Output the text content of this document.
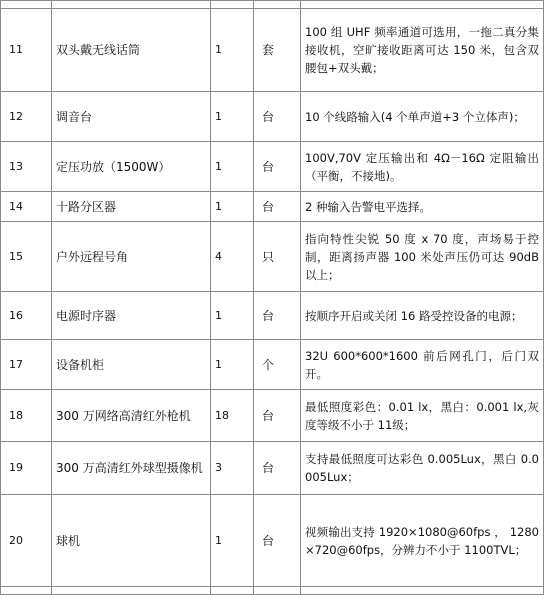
11	双头戴无线话筒	1	套	100 组 UHF 频率通道可选用，一拖二真分集接收机，空旷接收距离可达 150 米，包含双腰包+双头戴；
12	调音台	1	台	10 个线路输入(4 个单声道+3 个立体声)；
13	定压功放（1500W）	1	台	100V,70V 定压输出和 4Ω－16Ω 定阻输出（平衡，不接地)。
14	十路分区器	1	台	2 种输入告警电平选择。
15	户外远程号角	4	只	指向特性尖锐 50 度 x 70 度，声场易于控制，距离扬声器 100 米处声压仍可达 90dB 以上；
16	电源时序器	1	台	按顺序开启或关闭 16 路受控设备的电源；
17	设备机柜	1	个	32U 600*600*1600 前后网孔门，后门双开。
18	300 万网络高清红外枪机	18	台	最低照度彩色：0.01 lx，黑白：0.001 lx,灰度等级不小于 11级；
19	300 万高清红外球型摄像机	3	台	支持最低照度可达彩色 0.005Lux，黑白 0.0005Lux；
20	球机	1	台	视频输出支持 1920×1080@60fps ， 1280×720@60fps，分辨力不小于 1100TVL；
